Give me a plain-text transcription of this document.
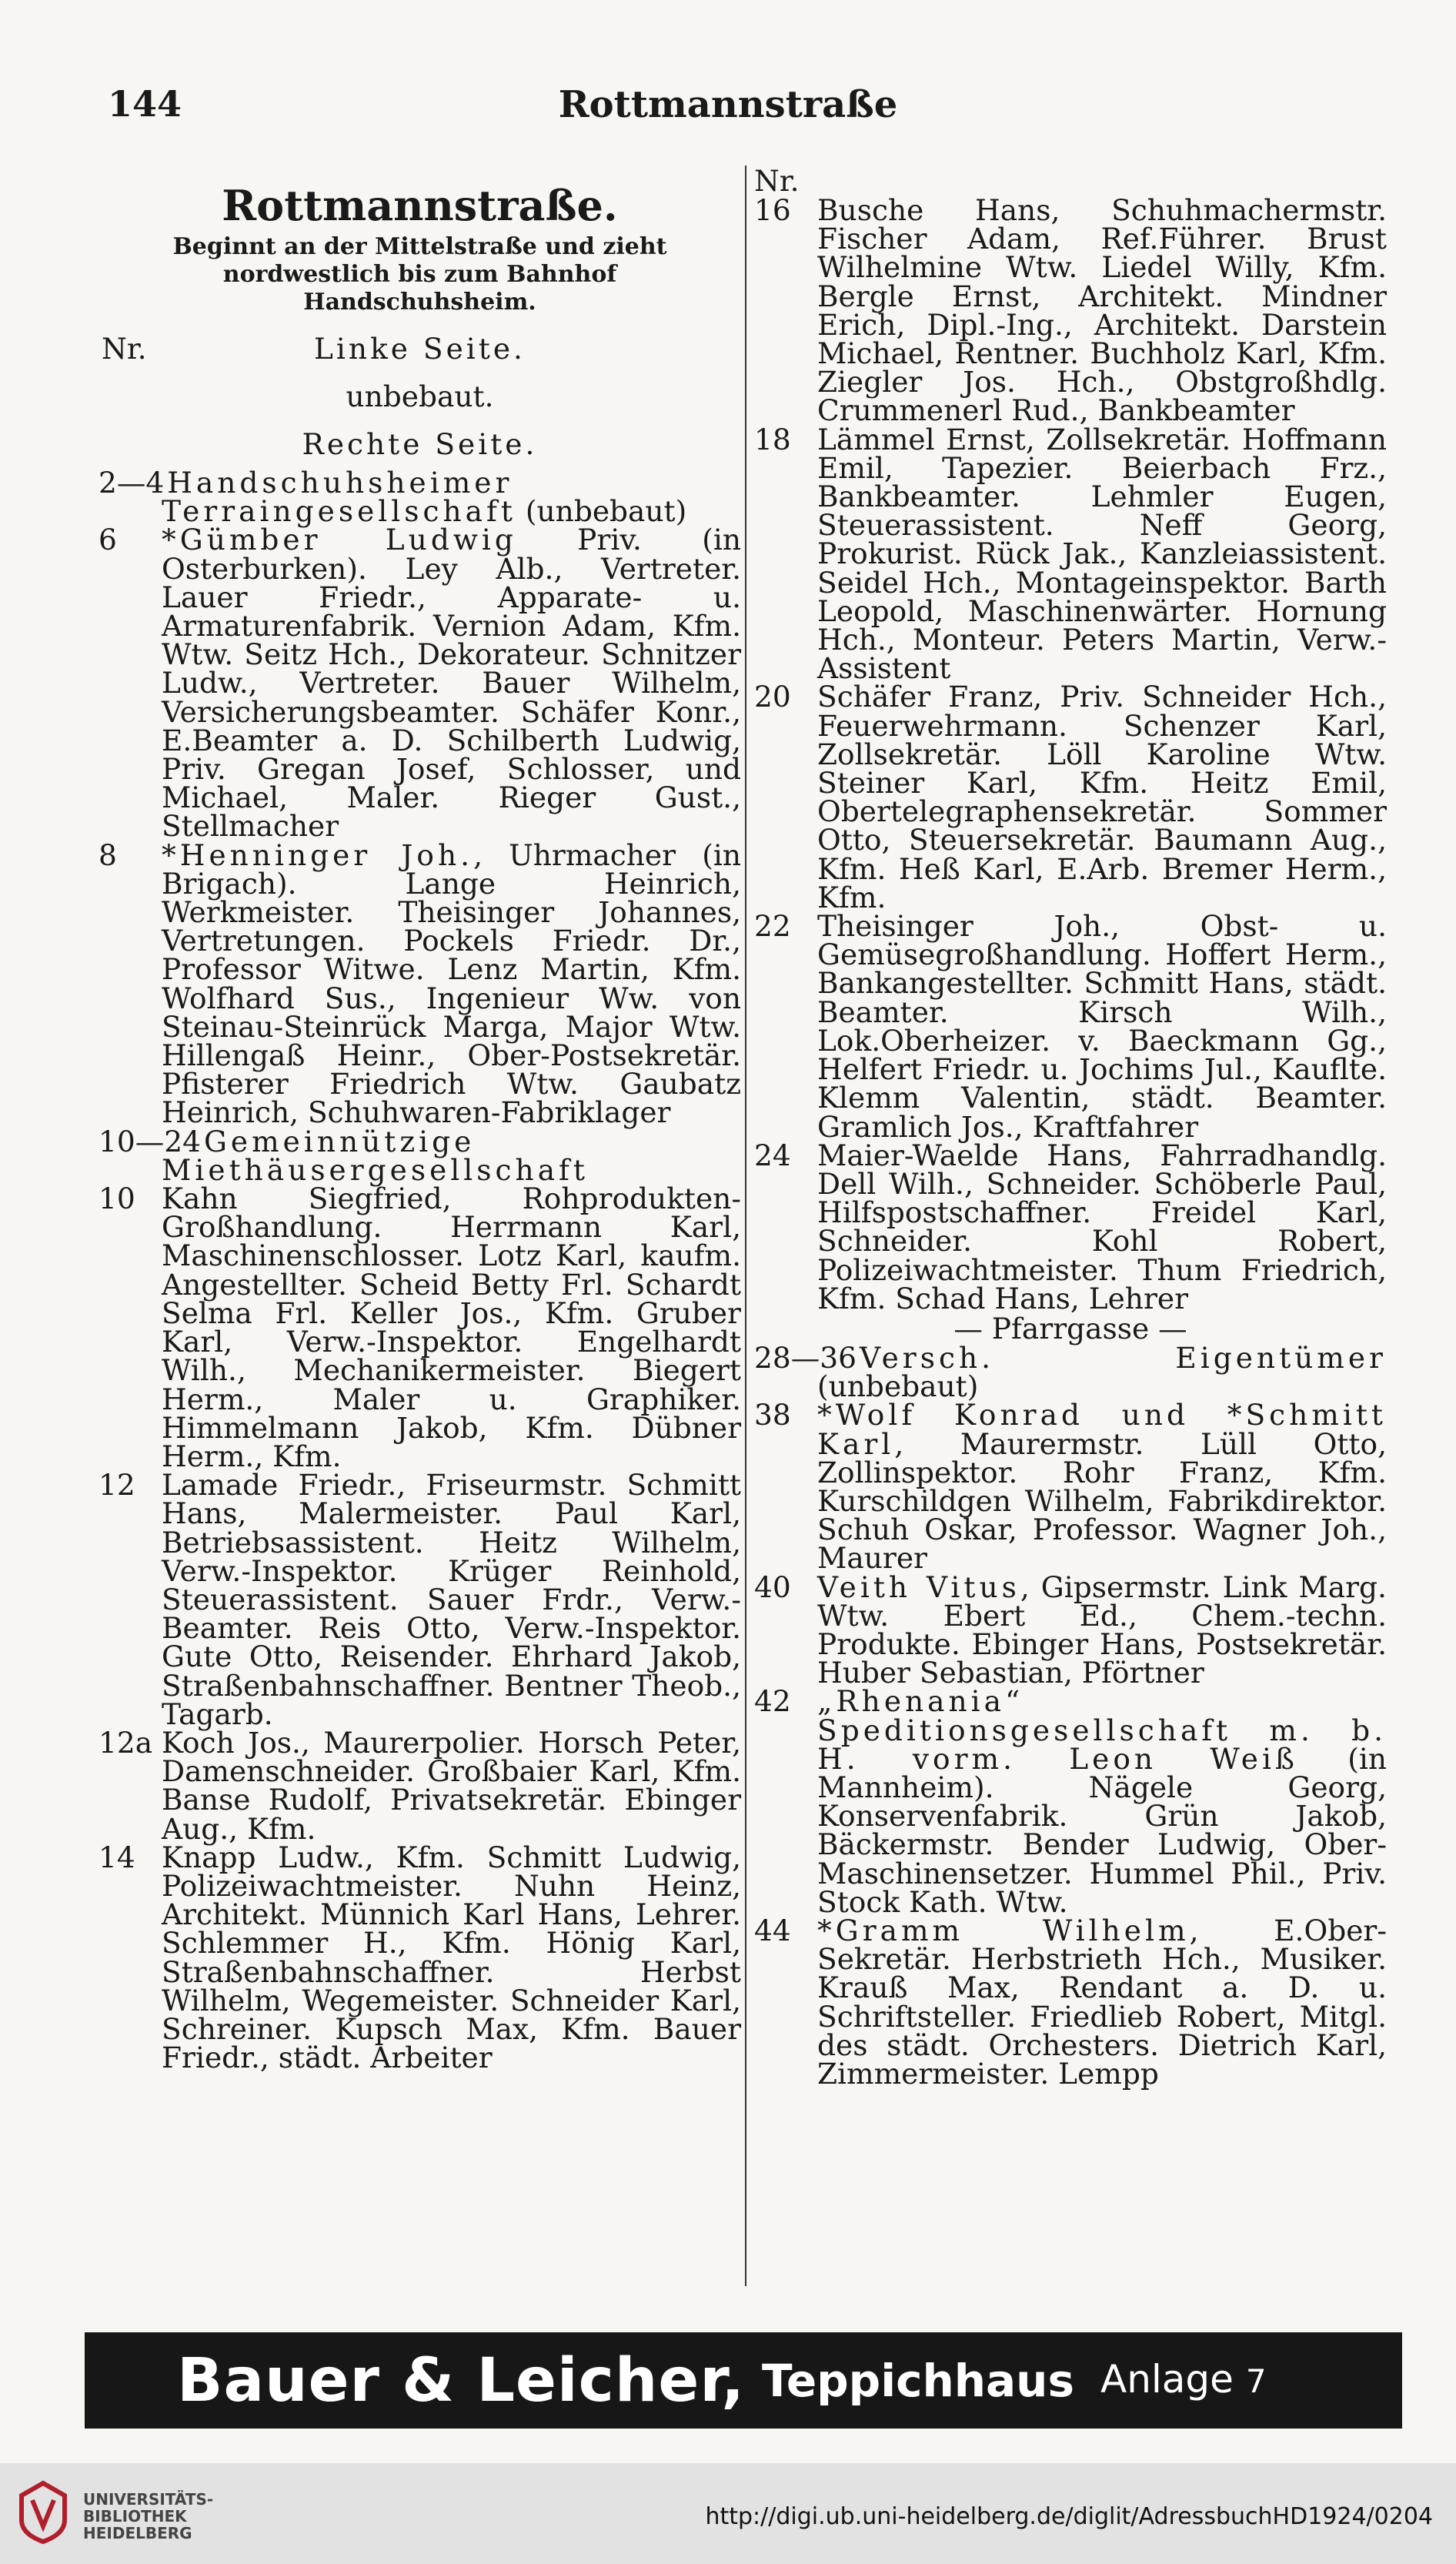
144	Rottmannstraße
Rottmannstraße.
Beginnt an der Mittelstraße und zieht nordwestlich bis zum Bahnhof Handschuhsheim.
Nr.	Linke Seite.
unbebaut.
Rechte Seite.
2—4 Handschuhsheimer Terraingesellschaft (unbebaut)
6 *Gümber Ludwig Priv. (in Osterburken). Ley Alb., Vertreter. Lauer Friedr., Apparate- u. Armaturenfabrik. Vernion Adam, Kfm. Wtw. Seitz Hch., Dekorateur. Schnitzer Ludw., Vertreter. Bauer Wilhelm, Versicherungsbeamter. Schäfer Konr., E.Beamter a. D. Schilberth Ludwig, Priv. Gregan Josef, Schlosser, und Michael, Maler. Rieger Gust., Stellmacher
8 *Henninger Joh., Uhrmacher (in Brigach). Lange Heinrich, Werkmeister. Theisinger Johannes, Vertretungen. Pockels Friedr. Dr., Professor Witwe. Lenz Martin, Kfm. Wolfhard Sus., Ingenieur Ww. von Steinau-Steinrück Marga, Major Wtw. Hillengaß Heinr., Ober-Postsekretär. Pfisterer Friedrich Wtw. Gaubatz Heinrich, Schuhwaren-Fabriklager
10—24 Gemeinnützige Miethäusergesellschaft
10 Kahn Siegfried, Rohprodukten-Großhandlung. Herrmann Karl, Maschinenschlosser. Lotz Karl, kaufm. Angestellter. Scheid Betty Frl. Schardt Selma Frl. Keller Jos., Kfm. Gruber Karl, Verw.-Inspektor. Engelhardt Wilh., Mechanikermeister. Biegert Herm., Maler u. Graphiker. Himmelmann Jakob, Kfm. Dübner Herm., Kfm.
12 Lamade Friedr., Friseurmstr. Schmitt Hans, Malermeister. Paul Karl, Betriebsassistent. Heitz Wilhelm, Verw.-Inspektor. Krüger Reinhold, Steuerassistent. Sauer Frdr., Verw.-Beamter. Reis Otto, Verw.-Inspektor. Gute Otto, Reisender. Ehrhard Jakob, Straßenbahnschaffner. Bentner Theob., Tagarb.
12a Koch Jos., Maurerpolier. Horsch Peter, Damenschneider. Großbaier Karl, Kfm. Banse Rudolf, Privatsekretär. Ebinger Aug., Kfm.
14 Knapp Ludw., Kfm. Schmitt Ludwig, Polizeiwachtmeister. Nuhn Heinz, Architekt. Münnich Karl Hans, Lehrer. Schlemmer H., Kfm. Hönig Karl, Straßenbahnschaffner. Herbst Wilhelm, Wegemeister. Schneider Karl, Schreiner. Kupsch Max, Kfm. Bauer Friedr., städt. Arbeiter
Nr.
16 Busche Hans, Schuhmachermstr. Fischer Adam, Ref.Führer. Brust Wilhelmine Wtw. Liedel Willy, Kfm. Bergle Ernst, Architekt. Mindner Erich, Dipl.-Ing., Architekt. Darstein Michael, Rentner. Buchholz Karl, Kfm. Ziegler Jos. Hch., Obstgroßhdlg. Crummenerl Rud., Bankbeamter
18 Lämmel Ernst, Zollsekretär. Hoffmann Emil, Tapezier. Beierbach Frz., Bankbeamter. Lehmler Eugen, Steuerassistent. Neff Georg, Prokurist. Rück Jak., Kanzleiassistent. Seidel Hch., Montageinspektor. Barth Leopold, Maschinenwärter. Hornung Hch., Monteur. Peters Martin, Verw.-Assistent
20 Schäfer Franz, Priv. Schneider Hch., Feuerwehrmann. Schenzer Karl, Zollsekretär. Löll Karoline Wtw. Steiner Karl, Kfm. Heitz Emil, Obertelegraphensekretär. Sommer Otto, Steuersekretär. Baumann Aug., Kfm. Heß Karl, E.Arb. Bremer Herm., Kfm.
22 Theisinger Joh., Obst- u. Gemüsegroßhandlung. Hoffert Herm., Bankangestellter. Schmitt Hans, städt. Beamter. Kirsch Wilh., Lok.Oberheizer. v. Baeckmann Gg., Helfert Friedr. u. Jochims Jul., Kauflte. Klemm Valentin, städt. Beamter. Gramlich Jos., Kraftfahrer
24 Maier-Waelde Hans, Fahrradhandlg. Dell Wilh., Schneider. Schöberle Paul, Hilfspostschaffner. Freidel Karl, Schneider. Kohl Robert, Polizeiwachtmeister. Thum Friedrich, Kfm. Schad Hans, Lehrer
— Pfarrgasse —
28—36 Versch. Eigentümer (unbebaut)
38 *Wolf Konrad und *Schmitt Karl, Maurermstr. Lüll Otto, Zollinspektor. Rohr Franz, Kfm. Kurschildgen Wilhelm, Fabrikdirektor. Schuh Oskar, Professor. Wagner Joh., Maurer
40 Veith Vitus, Gipsermstr. Link Marg. Wtw. Ebert Ed., Chem.-techn. Produkte. Ebinger Hans, Postsekretär. Huber Sebastian, Pförtner
42 „Rhenania“ Speditionsgesellschaft m. b. H. vorm. Leon Weiß (in Mannheim). Nägele Georg, Konservenfabrik. Grün Jakob, Bäckermstr. Bender Ludwig, Ober-Maschinensetzer. Hummel Phil., Priv. Stock Kath. Wtw.
44 *Gramm Wilhelm, E.Ober-Sekretär. Herbstrieth Hch., Musiker. Krauß Max, Rendant a. D. u. Schriftsteller. Friedlieb Robert, Mitgl. des städt. Orchesters. Dietrich Karl, Zimmermeister. Lempp
Bauer & Leicher, Teppichhaus Anlage 7
UNIVERSITÄTS-
BIBLIOTHEK
HEIDELBERG
http://digi.ub.uni-heidelberg.de/diglit/AdressbuchHD1924/0204
